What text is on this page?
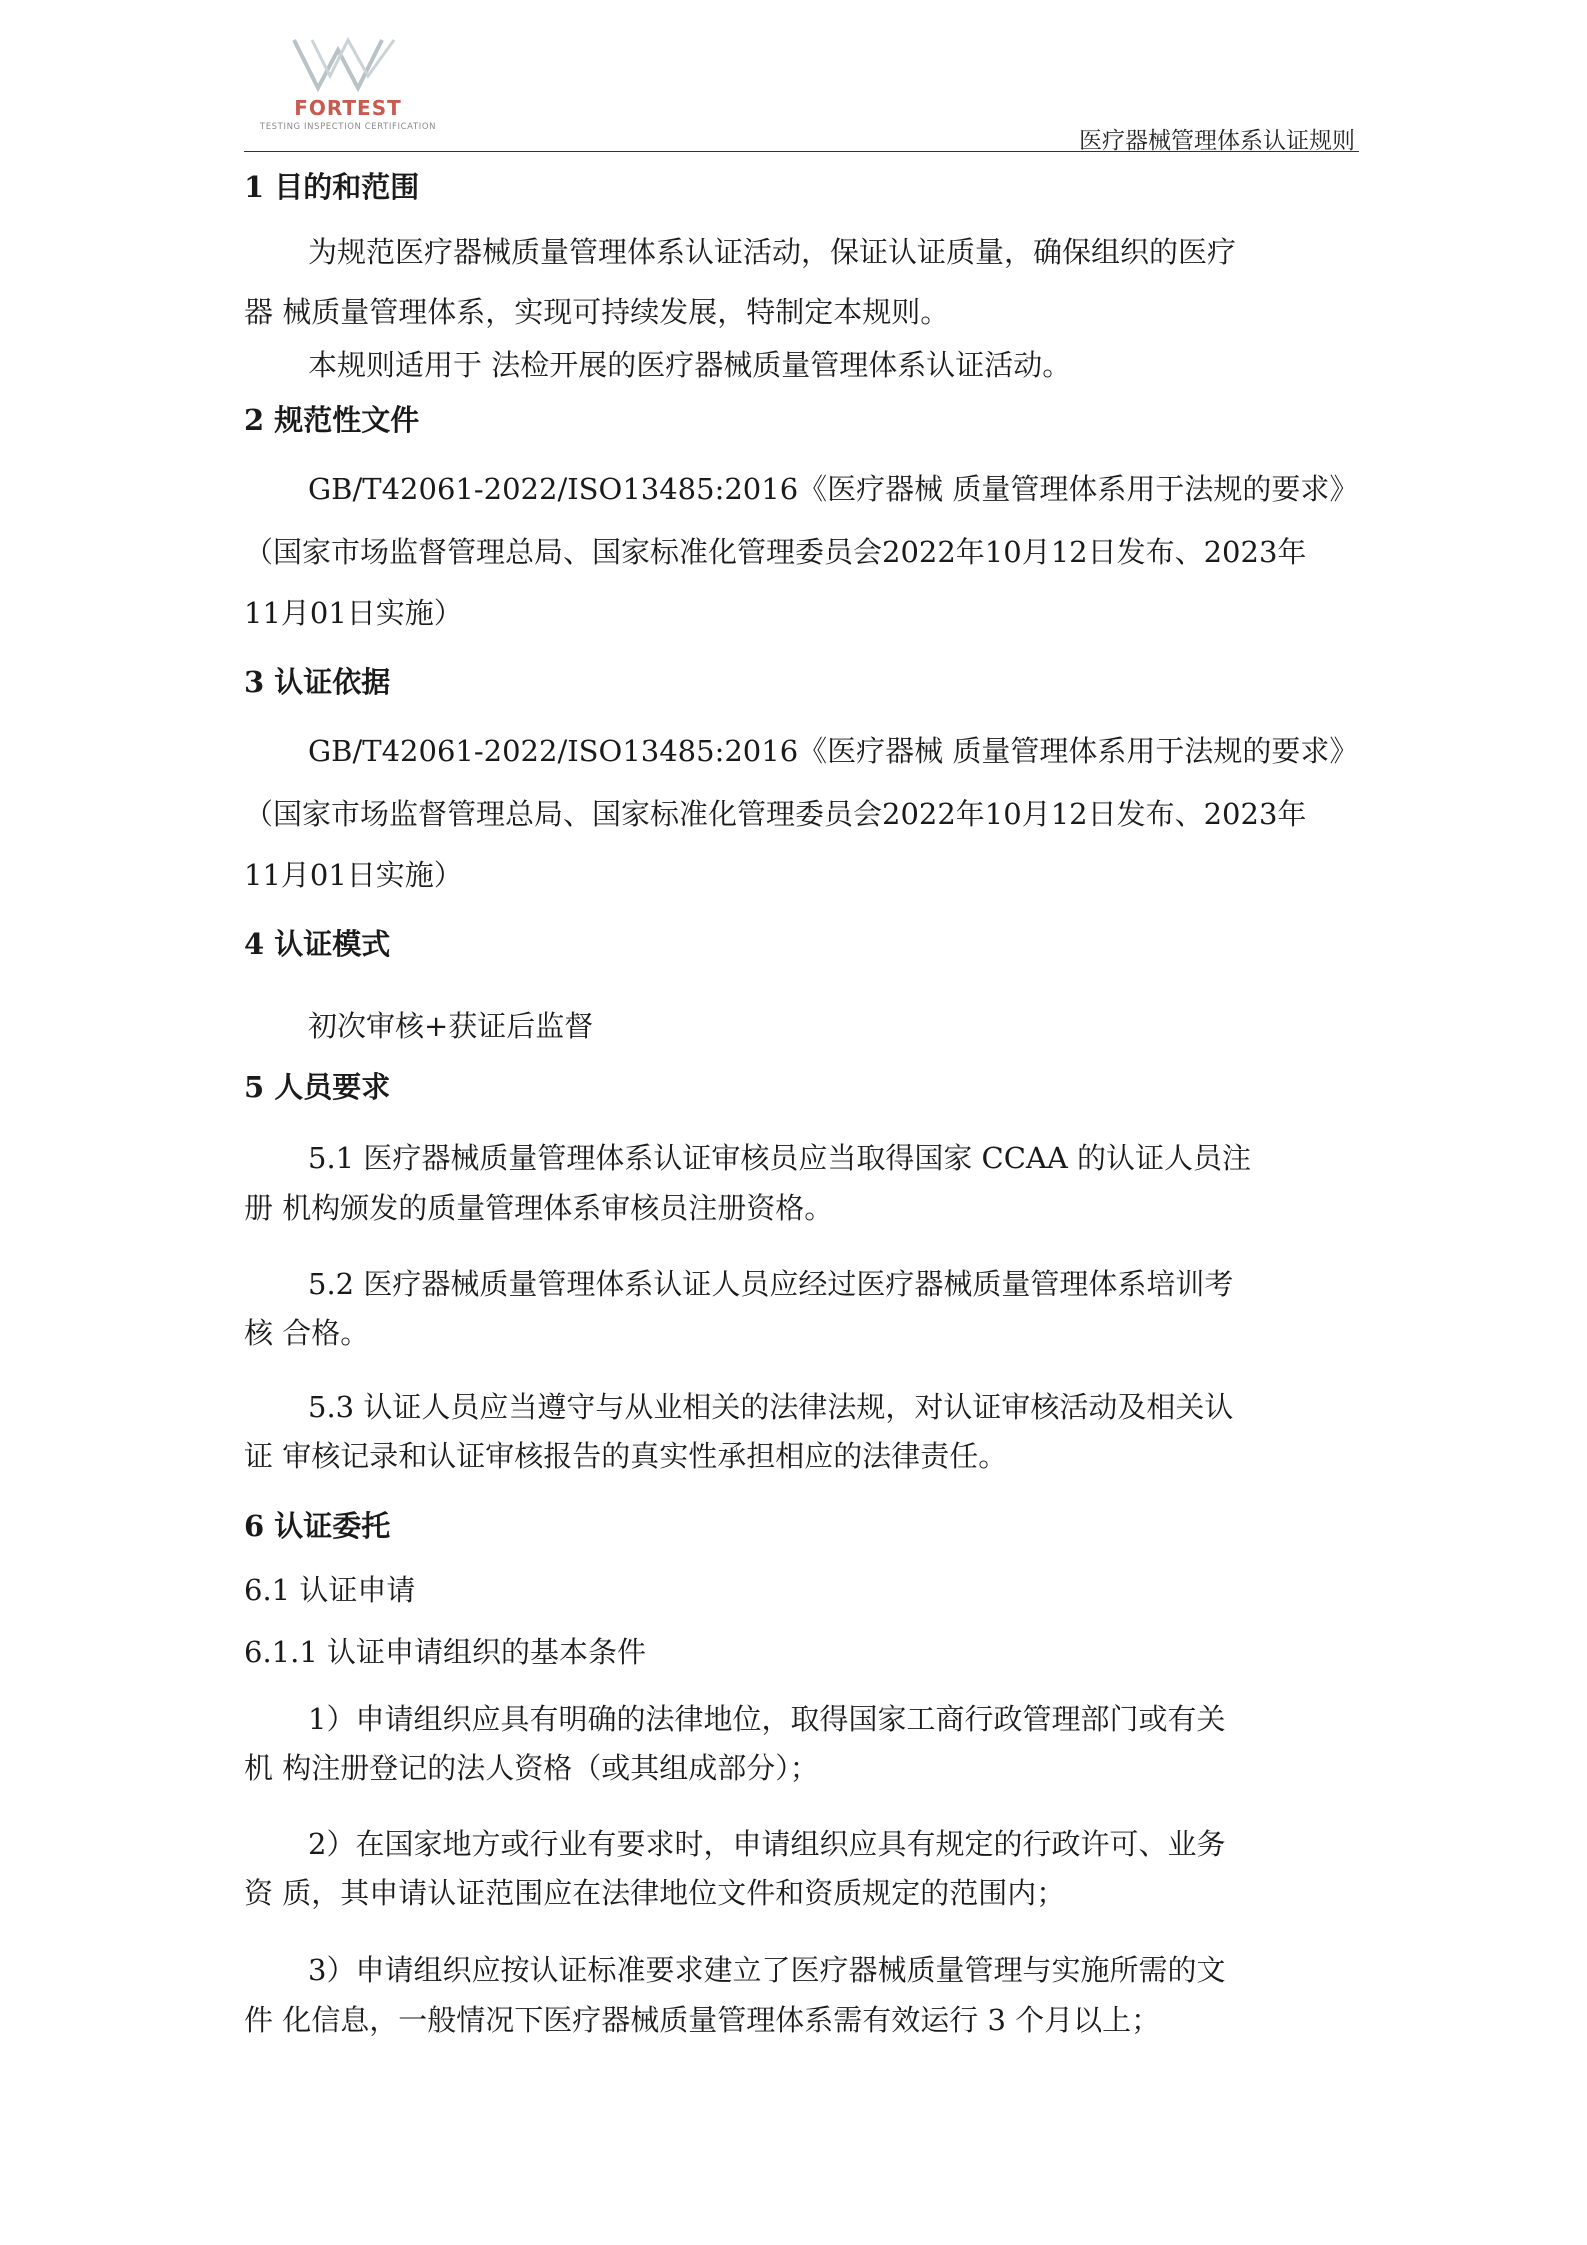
FORTEST
TESTING INSPECTION CERTIFICATION
医疗器械管理体系认证规则
1 目的和范围
为规范医疗器械质量管理体系认证活动，保证认证质量，确保组织的医疗
器 械质量管理体系，实现可持续发展，特制定本规则。
本规则适用于 法检开展的医疗器械质量管理体系认证活动。
2 规范性文件
GB/T42061-2022/ISO13485:2016《医疗器械 质量管理体系用于法规的要求》
（国家市场监督管理总局、国家标准化管理委员会2022年10月12日发布、2023年
11月01日实施）
3 认证依据
GB/T42061-2022/ISO13485:2016《医疗器械 质量管理体系用于法规的要求》
（国家市场监督管理总局、国家标准化管理委员会2022年10月12日发布、2023年
11月01日实施）
4 认证模式
初次审核+获证后监督
5 人员要求
5.1 医疗器械质量管理体系认证审核员应当取得国家 CCAA 的认证人员注
册 机构颁发的质量管理体系审核员注册资格。
5.2 医疗器械质量管理体系认证人员应经过医疗器械质量管理体系培训考
核 合格。
5.3 认证人员应当遵守与从业相关的法律法规，对认证审核活动及相关认
证 审核记录和认证审核报告的真实性承担相应的法律责任。
6 认证委托
6.1 认证申请
6.1.1 认证申请组织的基本条件
1）申请组织应具有明确的法律地位，取得国家工商行政管理部门或有关
机 构注册登记的法人资格（或其组成部分）；
2）在国家地方或行业有要求时，申请组织应具有规定的行政许可、业务
资 质，其申请认证范围应在法律地位文件和资质规定的范围内；
3）申请组织应按认证标准要求建立了医疗器械质量管理与实施所需的文
件 化信息，一般情况下医疗器械质量管理体系需有效运行 3 个月以上；
